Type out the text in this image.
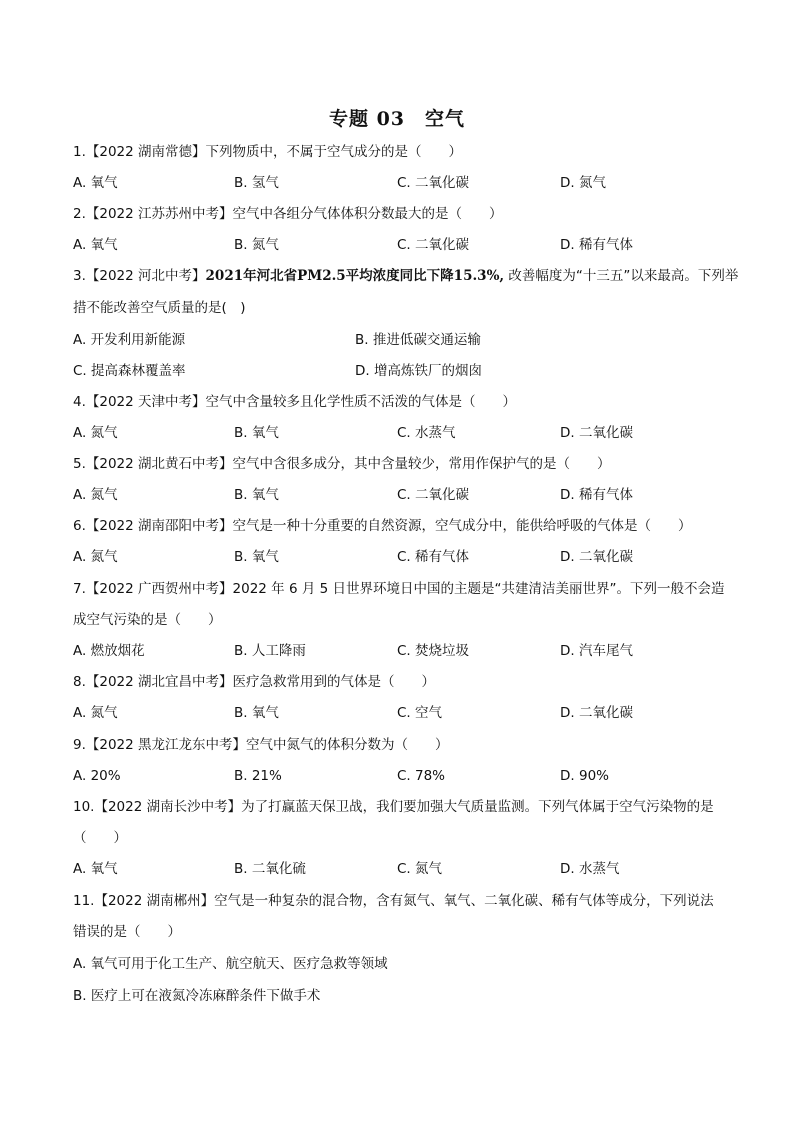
专题 03　空气
1.【2022 湖南常德】下列物质中，不属于空气成分的是（　　）
A. 氧气	B. 氢气	C. 二氧化碳	D. 氮气
2.【2022 江苏苏州中考】空气中各组分气体体积分数最大的是（　　）
A. 氧气	B. 氮气	C. 二氧化碳	D. 稀有气体
3.【2022 河北中考】2021年河北省PM2.5平均浓度同比下降15.3%, 改善幅度为“十三五”以来最高。下列举
措不能改善空气质量的是(　)
A. 开发利用新能源	B. 推进低碳交通运输
C. 提高森林覆盖率	D. 增高炼铁厂的烟囱
4.【2022 天津中考】空气中含量较多且化学性质不活泼的气体是（　　）
A. 氮气	B. 氧气	C. 水蒸气	D. 二氧化碳
5.【2022 湖北黄石中考】空气中含很多成分，其中含量较少，常用作保护气的是（　　）
A. 氮气	B. 氧气	C. 二氧化碳	D. 稀有气体
6.【2022 湖南邵阳中考】空气是一种十分重要的自然资源，空气成分中，能供给呼吸的气体是（　　）
A. 氮气	B. 氧气	C. 稀有气体	D. 二氧化碳
7.【2022 广西贺州中考】2022 年 6 月 5 日世界环境日中国的主题是“共建清洁美丽世界”。下列一般不会造
成空气污染的是（　　）
A. 燃放烟花	B. 人工降雨	C. 焚烧垃圾	D. 汽车尾气
8.【2022 湖北宜昌中考】医疗急救常用到的气体是（　　）
A. 氮气	B. 氧气	C. 空气	D. 二氧化碳
9.【2022 黑龙江龙东中考】空气中氮气的体积分数为（　　）
A. 20%	B. 21%	C. 78%	D. 90%
10.【2022 湖南长沙中考】为了打赢蓝天保卫战，我们要加强大气质量监测。下列气体属于空气污染物的是
（　　）
A. 氧气	B. 二氧化硫	C. 氮气	D. 水蒸气
11.【2022 湖南郴州】空气是一种复杂的混合物，含有氮气、氧气、二氧化碳、稀有气体等成分，下列说法
错误的是（　　）
A. 氧气可用于化工生产、航空航天、医疗急救等领域
B. 医疗上可在液氮冷冻麻醉条件下做手术
